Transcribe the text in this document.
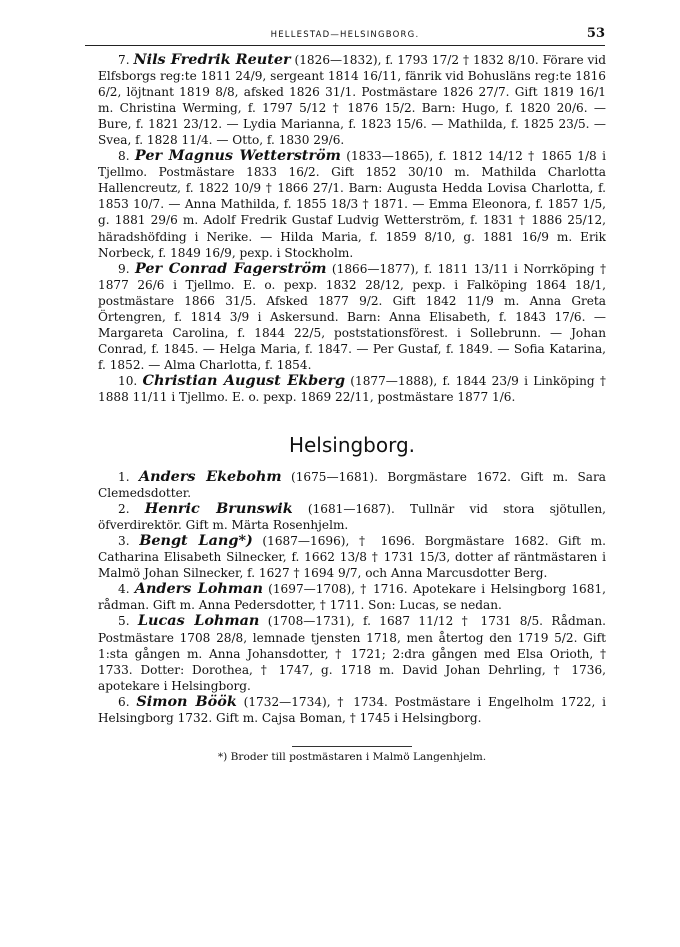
HELLESTAD—HELSINGBORG.	53

7. Nils Fredrik Reuter (1826—1832), f. 1793 17/2 † 1832 8/10. Förare vid Elfsborgs reg:te 1811 24/9, sergeant 1814 16/11, fänrik vid Bohusläns reg:te 1816 6/2, löjtnant 1819 8/8, afsked 1826 31/1. Postmästare 1826 27/7. Gift 1819 16/1 m. Christina Werming, f. 1797 5/12 † 1876 15/2. Barn: Hugo, f. 1820 20/6. — Bure, f. 1821 23/12. — Lydia Marianna, f. 1823 15/6. — Mathilda, f. 1825 23/5. — Svea, f. 1828 11/4. — Otto, f. 1830 29/6.

8. Per Magnus Wetterström (1833—1865), f. 1812 14/12 † 1865 1/8 i Tjellmo. Postmästare 1833 16/2. Gift 1852 30/10 m. Mathilda Charlotta Hallencreutz, f. 1822 10/9 † 1866 27/1. Barn: Augusta Hedda Lovisa Charlotta, f. 1853 10/7. — Anna Mathilda, f. 1855 18/3 † 1871. — Emma Eleonora, f. 1857 1/5, g. 1881 29/6 m. Adolf Fredrik Gustaf Ludvig Wetterström, f. 1831 † 1886 25/12, häradshöfding i Nerike. — Hilda Maria, f. 1859 8/10, g. 1881 16/9 m. Erik Norbeck, f. 1849 16/9, pexp. i Stockholm.

9. Per Conrad Fagerström (1866—1877), f. 1811 13/11 i Norrköping † 1877 26/6 i Tjellmo. E. o. pexp. 1832 28/12, pexp. i Falköping 1864 18/1, postmästare 1866 31/5. Afsked 1877 9/2. Gift 1842 11/9 m. Anna Greta Örtengren, f. 1814 3/9 i Askersund. Barn: Anna Elisabeth, f. 1843 17/6. — Margareta Carolina, f. 1844 22/5, poststationsförest. i Sollebrunn. — Johan Conrad, f. 1845. — Helga Maria, f. 1847. — Per Gustaf, f. 1849. — Sofia Katarina, f. 1852. — Alma Charlotta, f. 1854.

10. Christian August Ekberg (1877—1888), f. 1844 23/9 i Linköping † 1888 11/11 i Tjellmo. E. o. pexp. 1869 22/11, postmästare 1877 1/6.

Helsingborg.

1. Anders Ekebohm (1675—1681). Borgmästare 1672. Gift m. Sara Clemedsdotter.

2. Henric Brunswik (1681—1687). Tullnär vid stora sjötullen, öfverdirektör. Gift m. Märta Rosenhjelm.

3. Bengt Lang*) (1687—1696), † 1696. Borgmästare 1682. Gift m. Catharina Elisabeth Silnecker, f. 1662 13/8 † 1731 15/3, dotter af räntmästaren i Malmö Johan Silnecker, f. 1627 † 1694 9/7, och Anna Marcusdotter Berg.

4. Anders Lohman (1697—1708), † 1716. Apotekare i Helsingborg 1681, rådman. Gift m. Anna Pedersdotter, † 1711. Son: Lucas, se nedan.

5. Lucas Lohman (1708—1731), f. 1687 11/12 † 1731 8/5. Rådman. Postmästare 1708 28/8, lemnade tjensten 1718, men återtog den 1719 5/2. Gift 1:sta gången m. Anna Johansdotter, † 1721; 2:dra gången med Elsa Orioth, † 1733. Dotter: Dorothea, † 1747, g. 1718 m. David Johan Dehrling, † 1736, apotekare i Helsingborg.

6. Simon Böök (1732—1734), † 1734. Postmästare i Engelholm 1722, i Helsingborg 1732. Gift m. Cajsa Boman, † 1745 i Helsingborg.

*) Broder till postmästaren i Malmö Langenhjelm.
